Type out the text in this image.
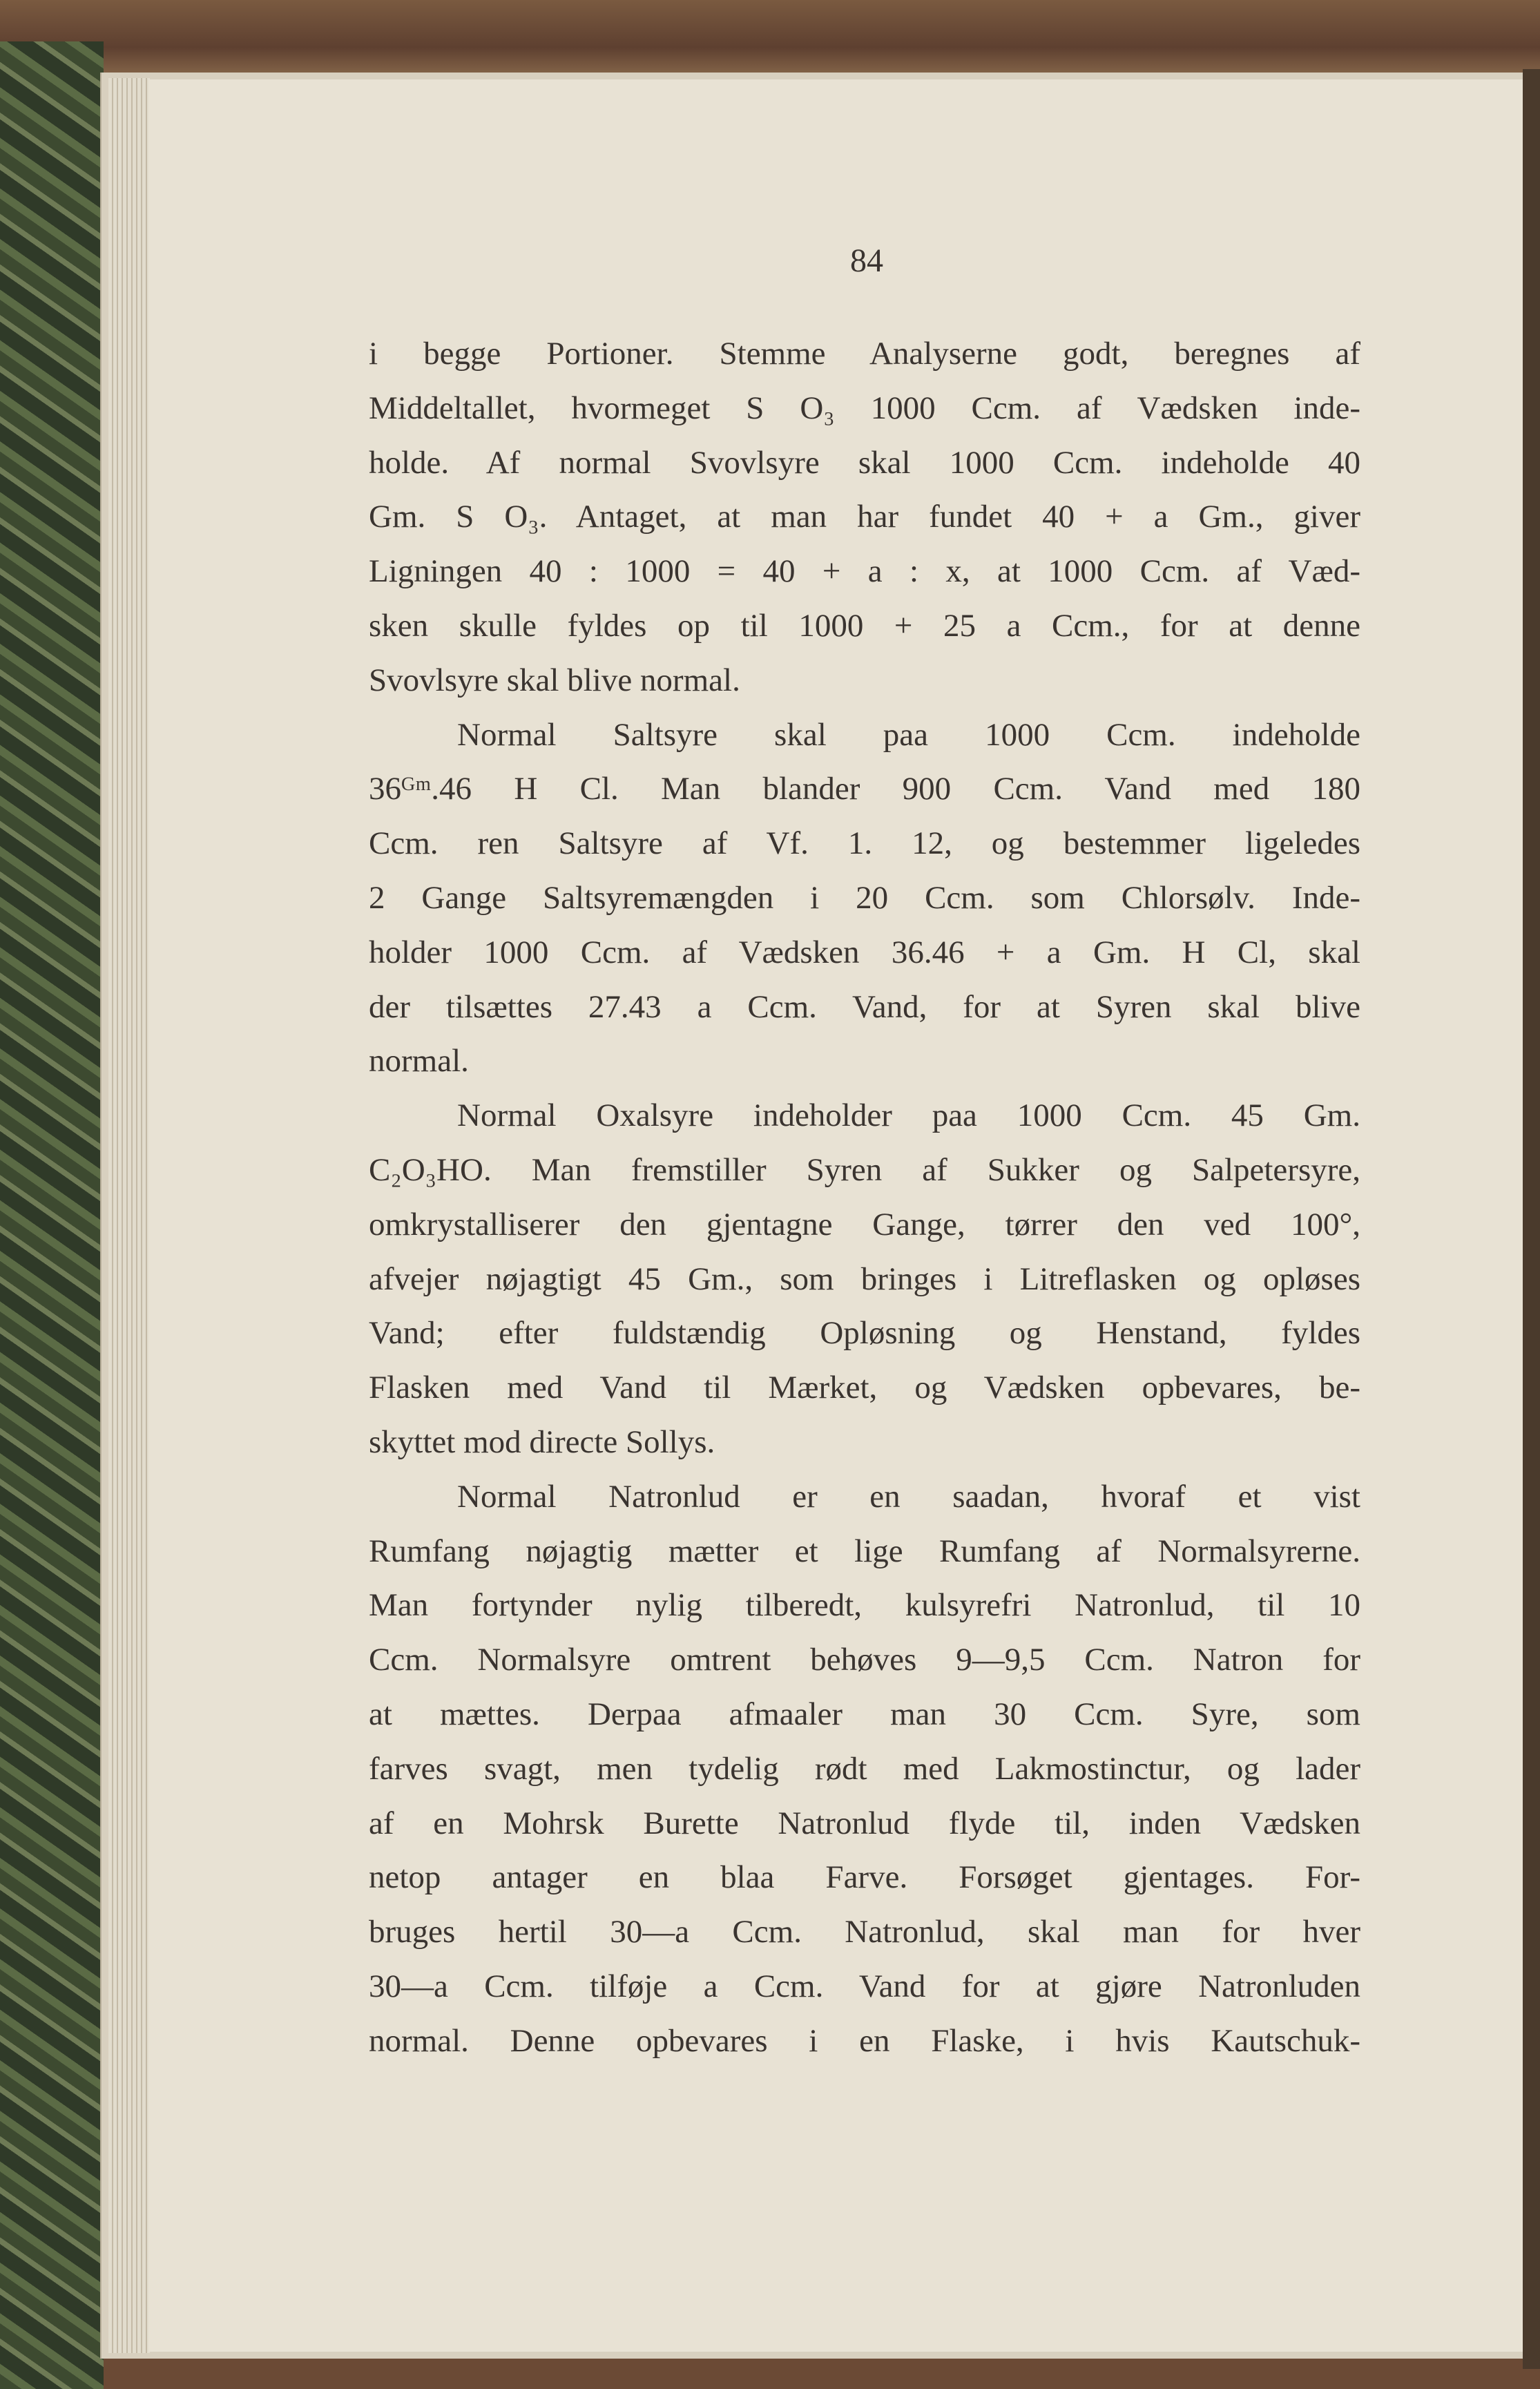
84
i begge Portioner. Stemme Analyserne godt, beregnes af
Middeltallet, hvormeget S O₃ 1000 Ccm. af Vædsken inde-
holde. Af normal Svovlsyre skal 1000 Ccm. indeholde 40
Gm. S O₃. Antaget, at man har fundet 40 + a Gm., giver
Ligningen 40 : 1000 = 40 + a : x, at 1000 Ccm. af Væd-
sken skulle fyldes op til 1000 + 25 a Ccm., for at denne
Svovlsyre skal blive normal.
Normal Saltsyre skal paa 1000 Ccm. indeholde
36ᴳᵐ.46 H Cl. Man blander 900 Ccm. Vand med 180
Ccm. ren Saltsyre af Vf. 1. 12, og bestemmer ligeledes
2 Gange Saltsyremængden i 20 Ccm. som Chlorsølv. Inde-
holder 1000 Ccm. af Vædsken 36.46 + a Gm. H Cl, skal
der tilsættes 27.43 a Ccm. Vand, for at Syren skal blive
normal.
Normal Oxalsyre indeholder paa 1000 Ccm. 45 Gm.
C₂O₃HO. Man fremstiller Syren af Sukker og Salpetersyre,
omkrystalliserer den gjentagne Gange, tørrer den ved 100°,
afvejer nøjagtigt 45 Gm., som bringes i Litreflasken og opløses
Vand; efter fuldstændig Opløsning og Henstand, fyldes
Flasken med Vand til Mærket, og Vædsken opbevares, be-
skyttet mod directe Sollys.
Normal Natronlud er en saadan, hvoraf et vist
Rumfang nøjagtig mætter et lige Rumfang af Normalsyrerne.
Man fortynder nylig tilberedt, kulsyrefri Natronlud, til 10
Ccm. Normalsyre omtrent behøves 9—9,5 Ccm. Natron for
at mættes. Derpaa afmaaler man 30 Ccm. Syre, som
farves svagt, men tydelig rødt med Lakmostinctur, og lader
af en Mohrsk Burette Natronlud flyde til, inden Vædsken
netop antager en blaa Farve. Forsøget gjentages. For-
bruges hertil 30—a Ccm. Natronlud, skal man for hver
30—a Ccm. tilføje a Ccm. Vand for at gjøre Natronluden
normal. Denne opbevares i en Flaske, i hvis Kautschuk-
